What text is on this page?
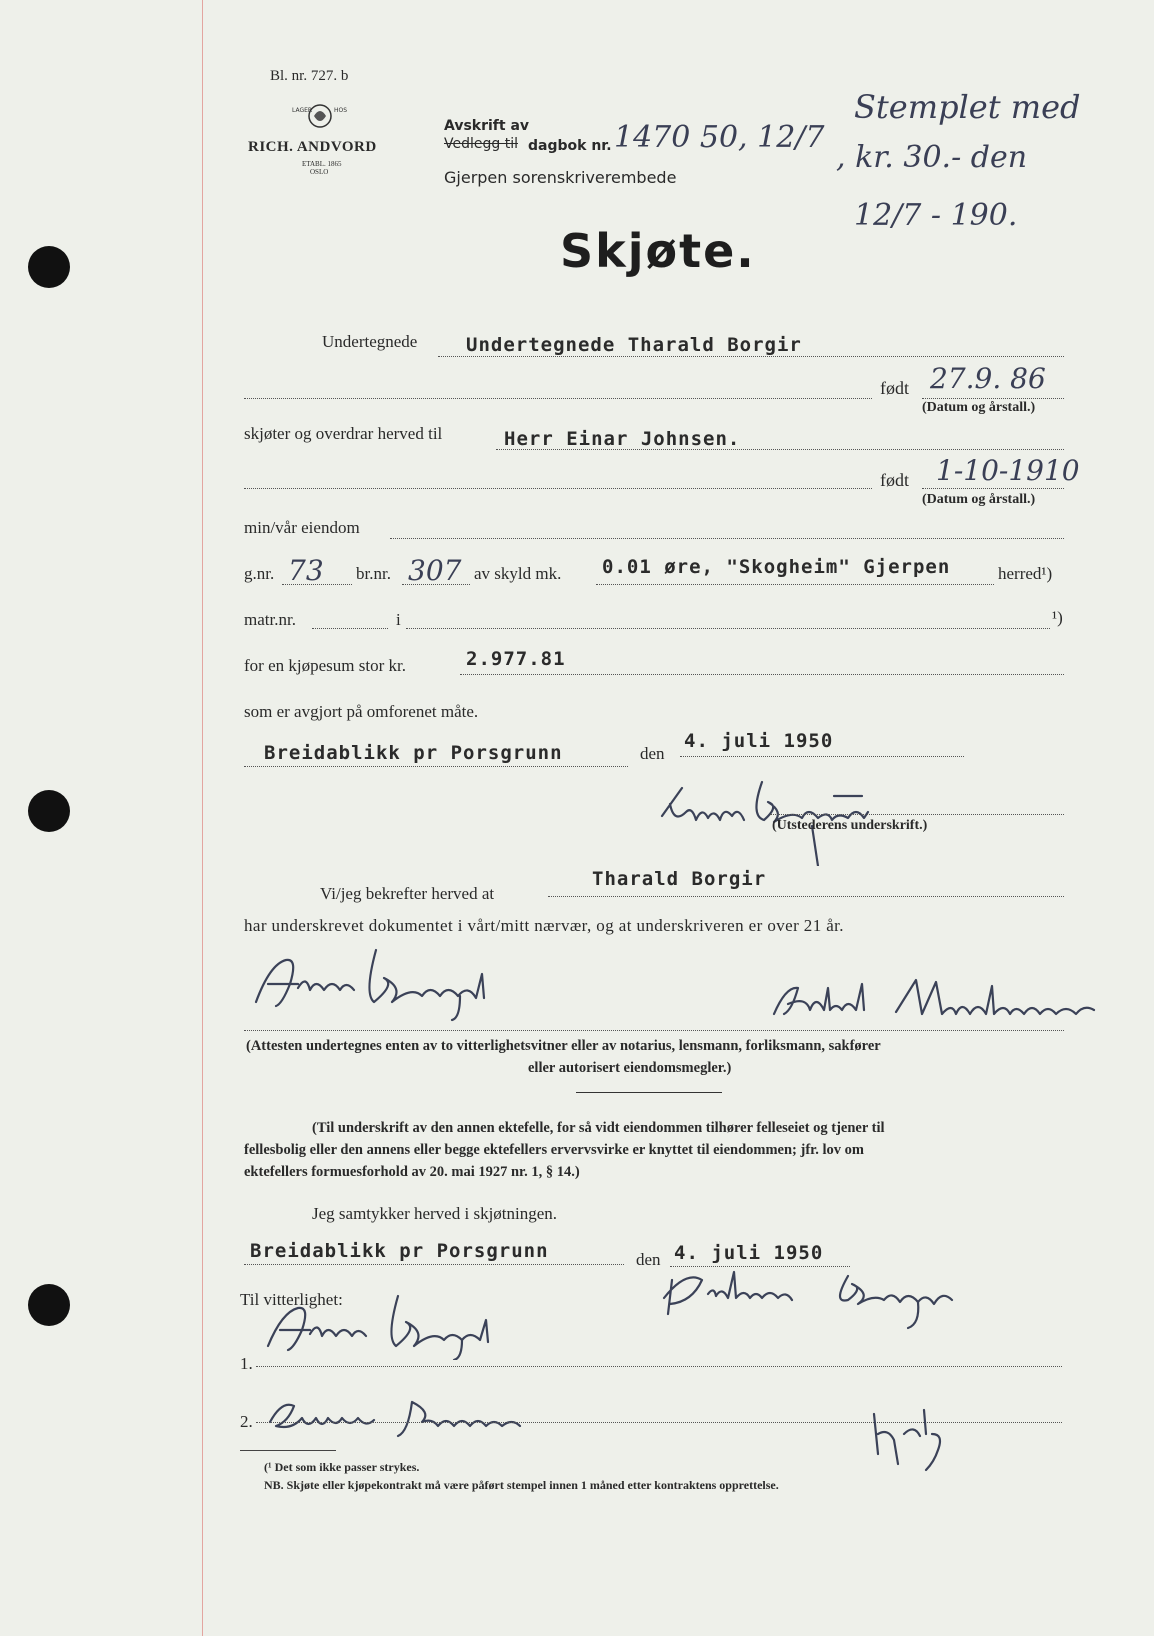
Bl. nr. 727. b
LAGER	HOS
RICH. ANDVORD
ETABL. 1865
OSLO
Avskrift av
Vedlegg til dagbok nr.
Gjerpen sorenskriverembede
1470 50, 12/7
Stemplet med
, kr. 30.- den
12/7 - 190.
Skjøte.
Undertegnede	Undertegnede Tharald Borgir
født 27.9. 86
(Datum og årstall.)
skjøter og overdrar herved til	Herr Einar Johnsen.
født 1-10-1910
(Datum og årstall.)
min/vår eiendom
g.nr. 73 br.nr. 307 av skyld mk. 0.01 øre, "Skogheim" Gjerpen	herred¹)
matr.nr.	i	¹)
for en kjøpesum stor kr.	2.977.81
som er avgjort på omforenet måte.
Breidablikk pr Porsgrunn	den
4. juli 1950
(Utstederens underskrift.)
Vi/jeg bekrefter herved at
Tharald Borgir
har underskrevet dokumentet i vårt/mitt nærvær, og at underskriveren er over 21 år.
(Attesten undertegnes enten av to vitterlighetsvitner eller av notarius, lensmann, forliksmann, sakfører
eller autorisert eiendomsmegler.)
(Til underskrift av den annen ektefelle, for så vidt eiendommen tilhører felleseiet og tjener til
fellesbolig eller den annens eller begge ektefellers ervervsvirke er knyttet til eiendommen; jfr. lov om
ektefellers formuesforhold av 20. mai 1927 nr. 1, § 14.)
Jeg samtykker herved i skjøtningen.
Breidablikk pr Porsgrunn	den 4. juli 1950
Til vitterlighet:
1.
2.
(¹ Det som ikke passer strykes.
NB. Skjøte eller kjøpekontrakt må være påført stempel innen 1 måned etter kontraktens opprettelse.
